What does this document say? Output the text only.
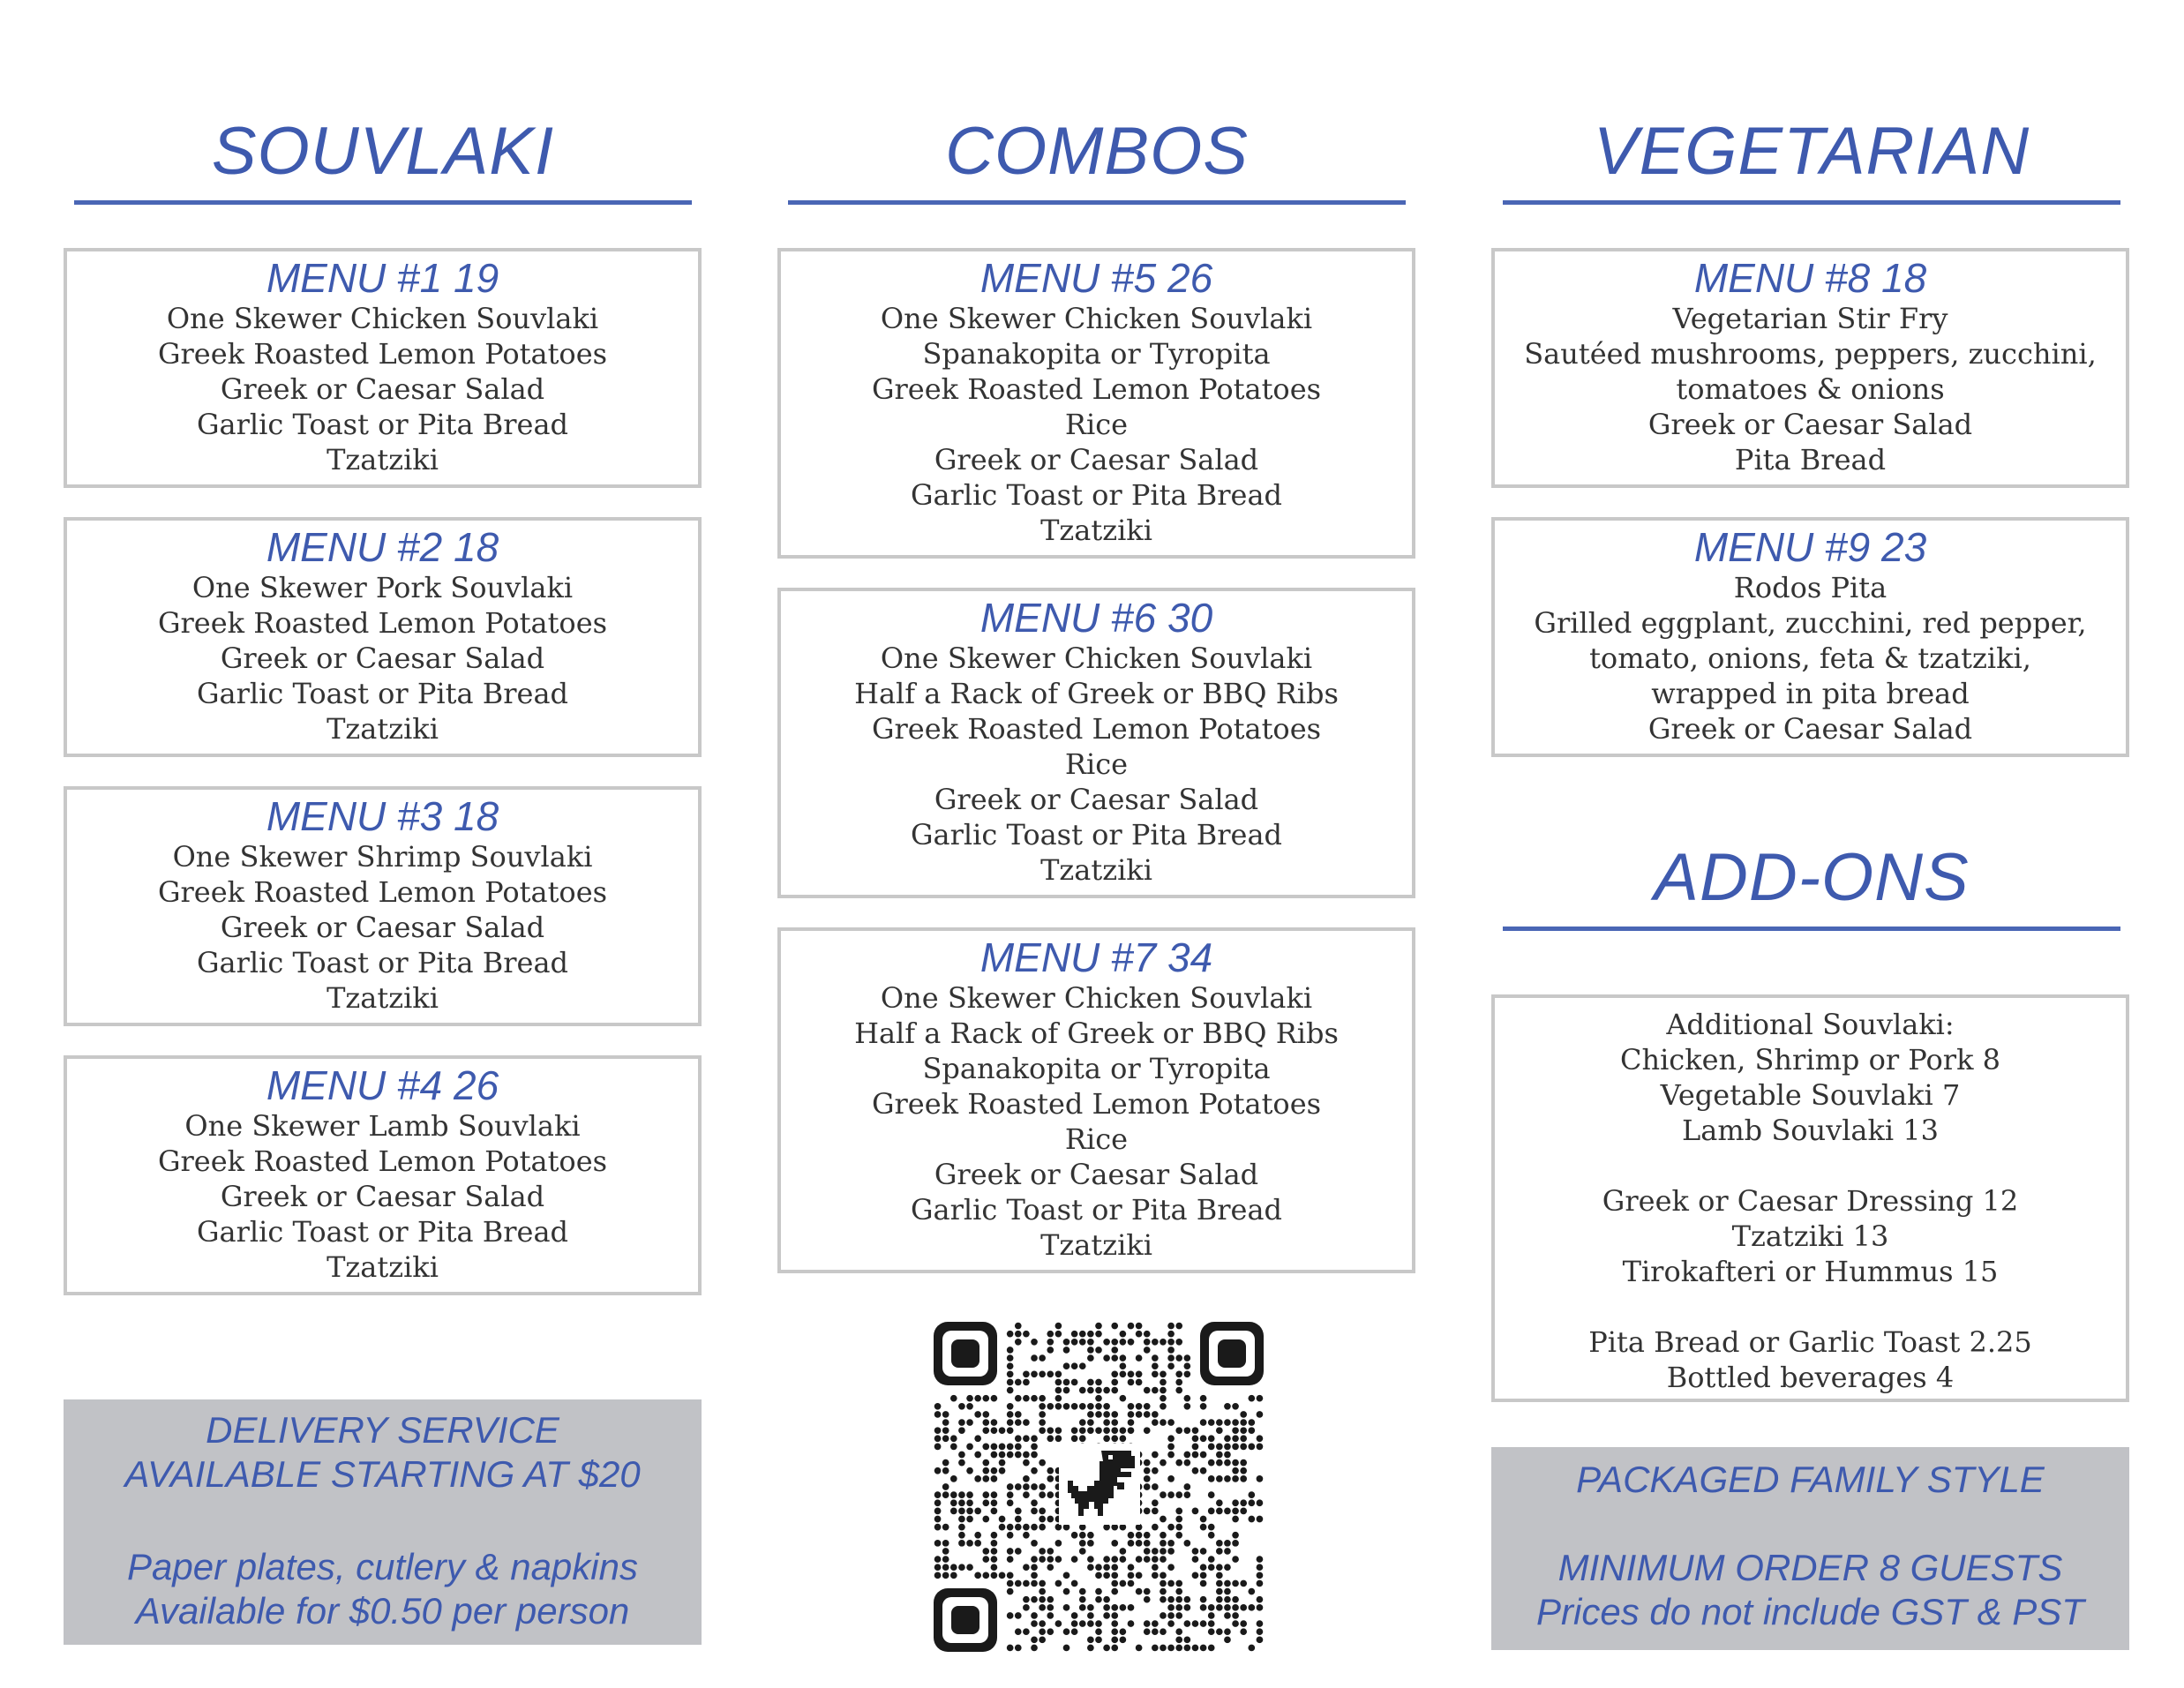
SOUVLAKI	COMBOS	VEGETARIAN
ADD-ONS
MENU #1 19
One Skewer Chicken Souvlaki
Greek Roasted Lemon Potatoes
Greek or Caesar Salad
Garlic Toast or Pita Bread
Tzatziki
MENU #2 18
One Skewer Pork Souvlaki
Greek Roasted Lemon Potatoes
Greek or Caesar Salad
Garlic Toast or Pita Bread
Tzatziki
MENU #3 18
One Skewer Shrimp Souvlaki
Greek Roasted Lemon Potatoes
Greek or Caesar Salad
Garlic Toast or Pita Bread
Tzatziki
MENU #4 26
One Skewer Lamb Souvlaki
Greek Roasted Lemon Potatoes
Greek or Caesar Salad
Garlic Toast or Pita Bread
Tzatziki
DELIVERY SERVICE
AVAILABLE STARTING AT $20
Paper plates, cutlery & napkins
Available for $0.50 per person
MENU #5 26
One Skewer Chicken Souvlaki
Spanakopita or Tyropita
Greek Roasted Lemon Potatoes
Rice
Greek or Caesar Salad
Garlic Toast or Pita Bread
Tzatziki
MENU #6 30
One Skewer Chicken Souvlaki
Half a Rack of Greek or BBQ Ribs
Greek Roasted Lemon Potatoes
Rice
Greek or Caesar Salad
Garlic Toast or Pita Bread
Tzatziki
MENU #7 34
One Skewer Chicken Souvlaki
Half a Rack of Greek or BBQ Ribs
Spanakopita or Tyropita
Greek Roasted Lemon Potatoes
Rice
Greek or Caesar Salad
Garlic Toast or Pita Bread
Tzatziki
MENU #8 18
Vegetarian Stir Fry
Sautéed mushrooms, peppers, zucchini,
tomatoes & onions
Greek or Caesar Salad
Pita Bread
MENU #9 23
Rodos Pita
Grilled eggplant, zucchini, red pepper,
tomato, onions, feta & tzatziki,
wrapped in pita bread
Greek or Caesar Salad
Additional Souvlaki:
Chicken, Shrimp or Pork 8
Vegetable Souvlaki 7
Lamb Souvlaki 13
Greek or Caesar Dressing 12
Tzatziki 13
Tirokafteri or Hummus 15
Pita Bread or Garlic Toast 2.25
Bottled beverages 4
PACKAGED FAMILY STYLE
MINIMUM ORDER 8 GUESTS
Prices do not include GST & PST
